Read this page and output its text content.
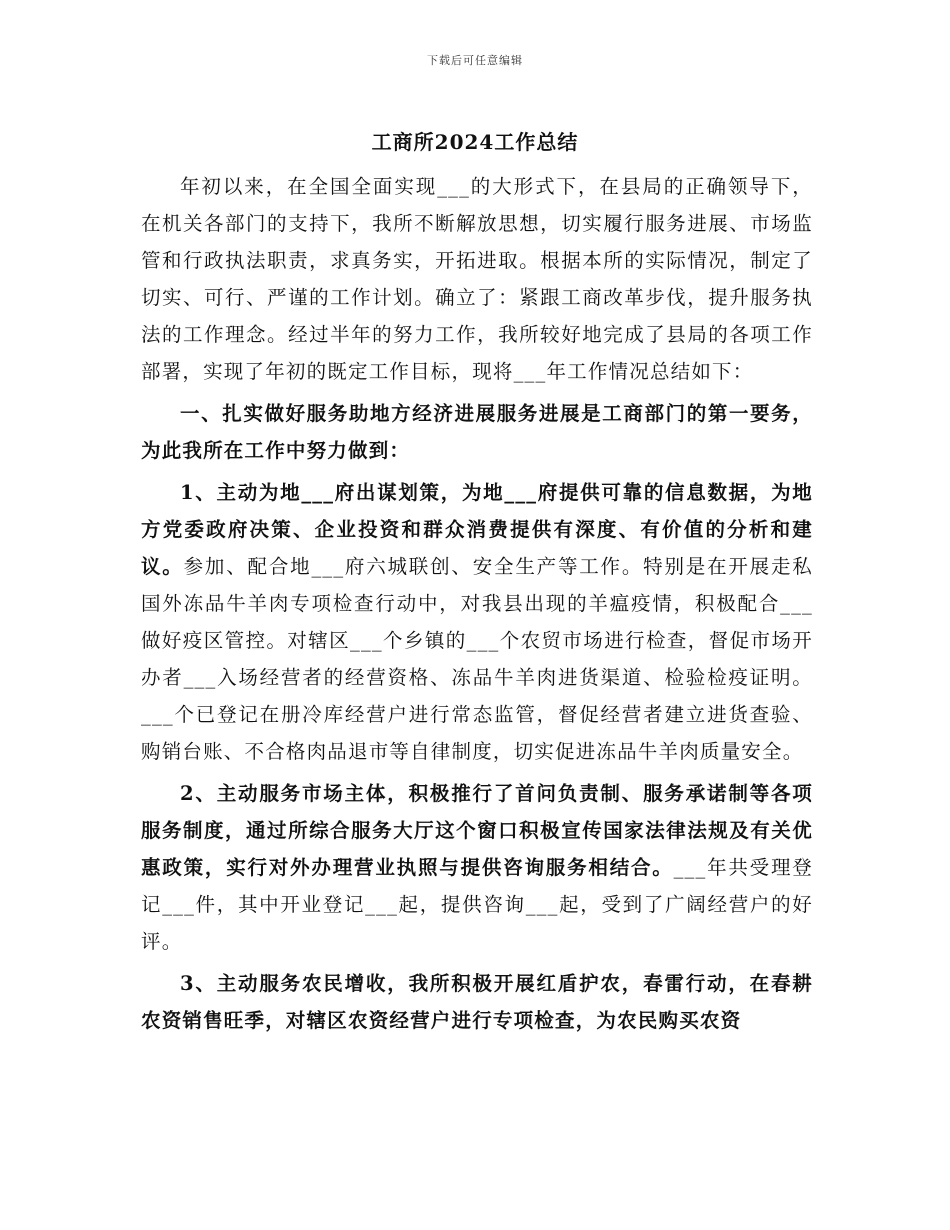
下载后可任意编辑
工商所2024工作总结

年初以来，在全国全面实现___的大形式下，在县局的正确领导下，在机关各部门的支持下，我所不断解放思想，切实履行服务进展、市场监管和行政执法职责，求真务实，开拓进取。根据本所的实际情况，制定了切实、可行、严谨的工作计划。确立了：紧跟工商改革步伐，提升服务执法的工作理念。经过半年的努力工作，我所较好地完成了县局的各项工作部署，实现了年初的既定工作目标，现将___年工作情况总结如下：

一、扎实做好服务助地方经济进展服务进展是工商部门的第一要务，为此我所在工作中努力做到：

1、主动为地___府出谋划策，为地___府提供可靠的信息数据，为地方党委政府决策、企业投资和群众消费提供有深度、有价值的分析和建议。参加、配合地___府六城联创、安全生产等工作。特别是在开展走私国外冻品牛羊肉专项检查行动中，对我县出现的羊瘟疫情，积极配合___做好疫区管控。对辖区___个乡镇的___个农贸市场进行检查，督促市场开办者___入场经营者的经营资格、冻品牛羊肉进货渠道、检验检疫证明。___个已登记在册冷库经营户进行常态监管，督促经营者建立进货查验、购销台账、不合格肉品退市等自律制度，切实促进冻品牛羊肉质量安全。

2、主动服务市场主体，积极推行了首问负责制、服务承诺制等各项服务制度，通过所综合服务大厅这个窗口积极宣传国家法律法规及有关优惠政策，实行对外办理营业执照与提供咨询服务相结合。___年共受理登记___件，其中开业登记___起，提供咨询___起，受到了广阔经营户的好评。

3、主动服务农民增收，我所积极开展红盾护农，春雷行动，在春耕农资销售旺季，对辖区农资经营户进行专项检查，为农民购买农资
